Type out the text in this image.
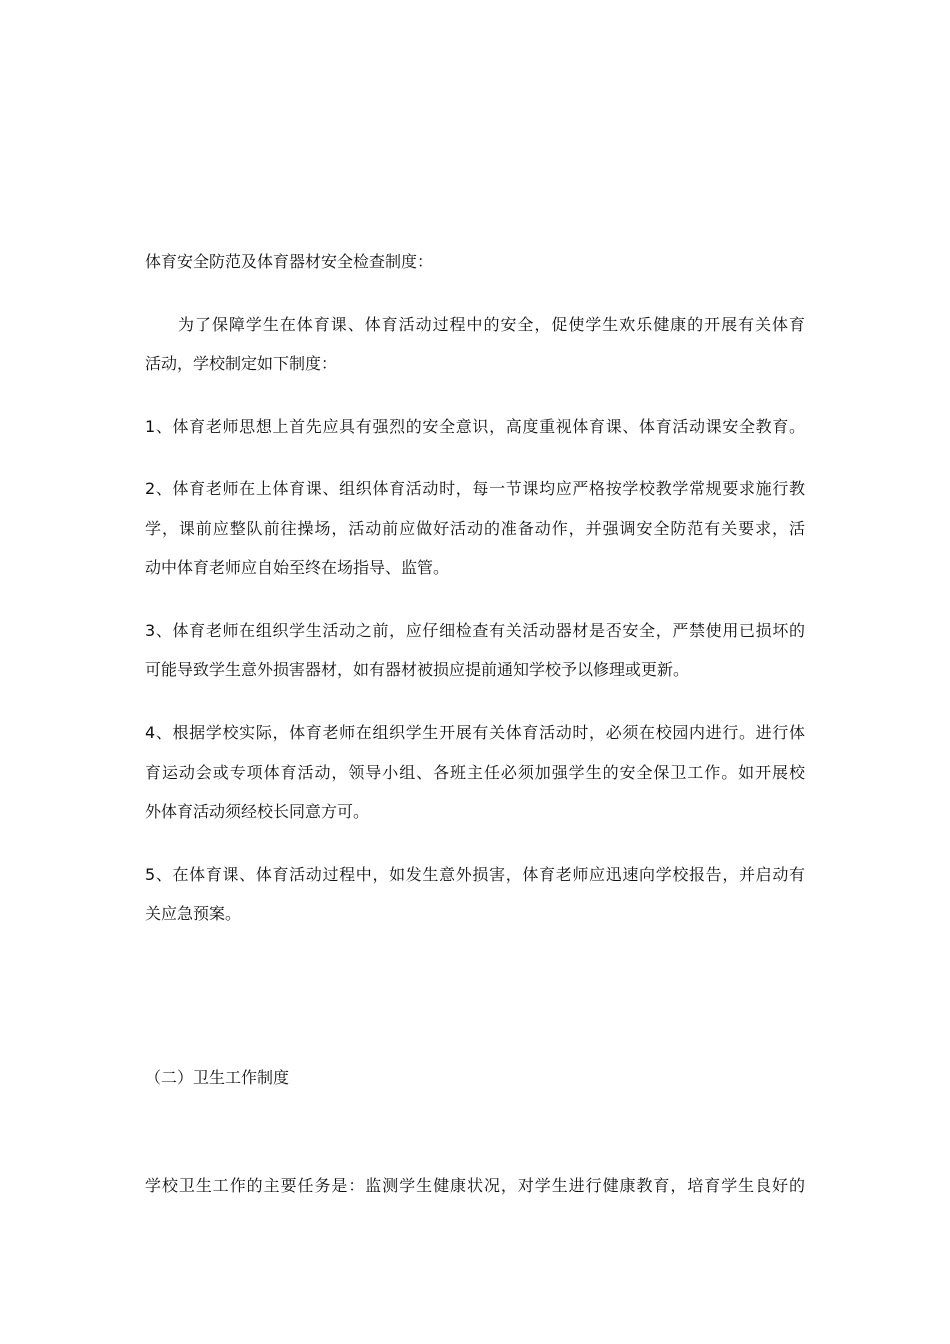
体育安全防范及体育器材安全检查制度：
为了保障学生在体育课、体育活动过程中的安全，促使学生欢乐健康的开展有关体育
活动，学校制定如下制度：
1、体育老师思想上首先应具有强烈的安全意识，高度重视体育课、体育活动课安全教育。
2、体育老师在上体育课、组织体育活动时，每一节课均应严格按学校教学常规要求施行教
学，课前应整队前往操场，活动前应做好活动的准备动作，并强调安全防范有关要求，活
动中体育老师应自始至终在场指导、监管。
3、体育老师在组织学生活动之前，应仔细检查有关活动器材是否安全，严禁使用已损坏的
可能导致学生意外损害器材，如有器材被损应提前通知学校予以修理或更新。
4、根据学校实际，体育老师在组织学生开展有关体育活动时，必须在校园内进行。进行体
育运动会或专项体育活动，领导小组、各班主任必须加强学生的安全保卫工作。如开展校
外体育活动须经校长同意方可。
5、在体育课、体育活动过程中，如发生意外损害，体育老师应迅速向学校报告，并启动有
关应急预案。
（二）卫生工作制度
学校卫生工作的主要任务是：监测学生健康状况，对学生进行健康教育，培育学生良好的
